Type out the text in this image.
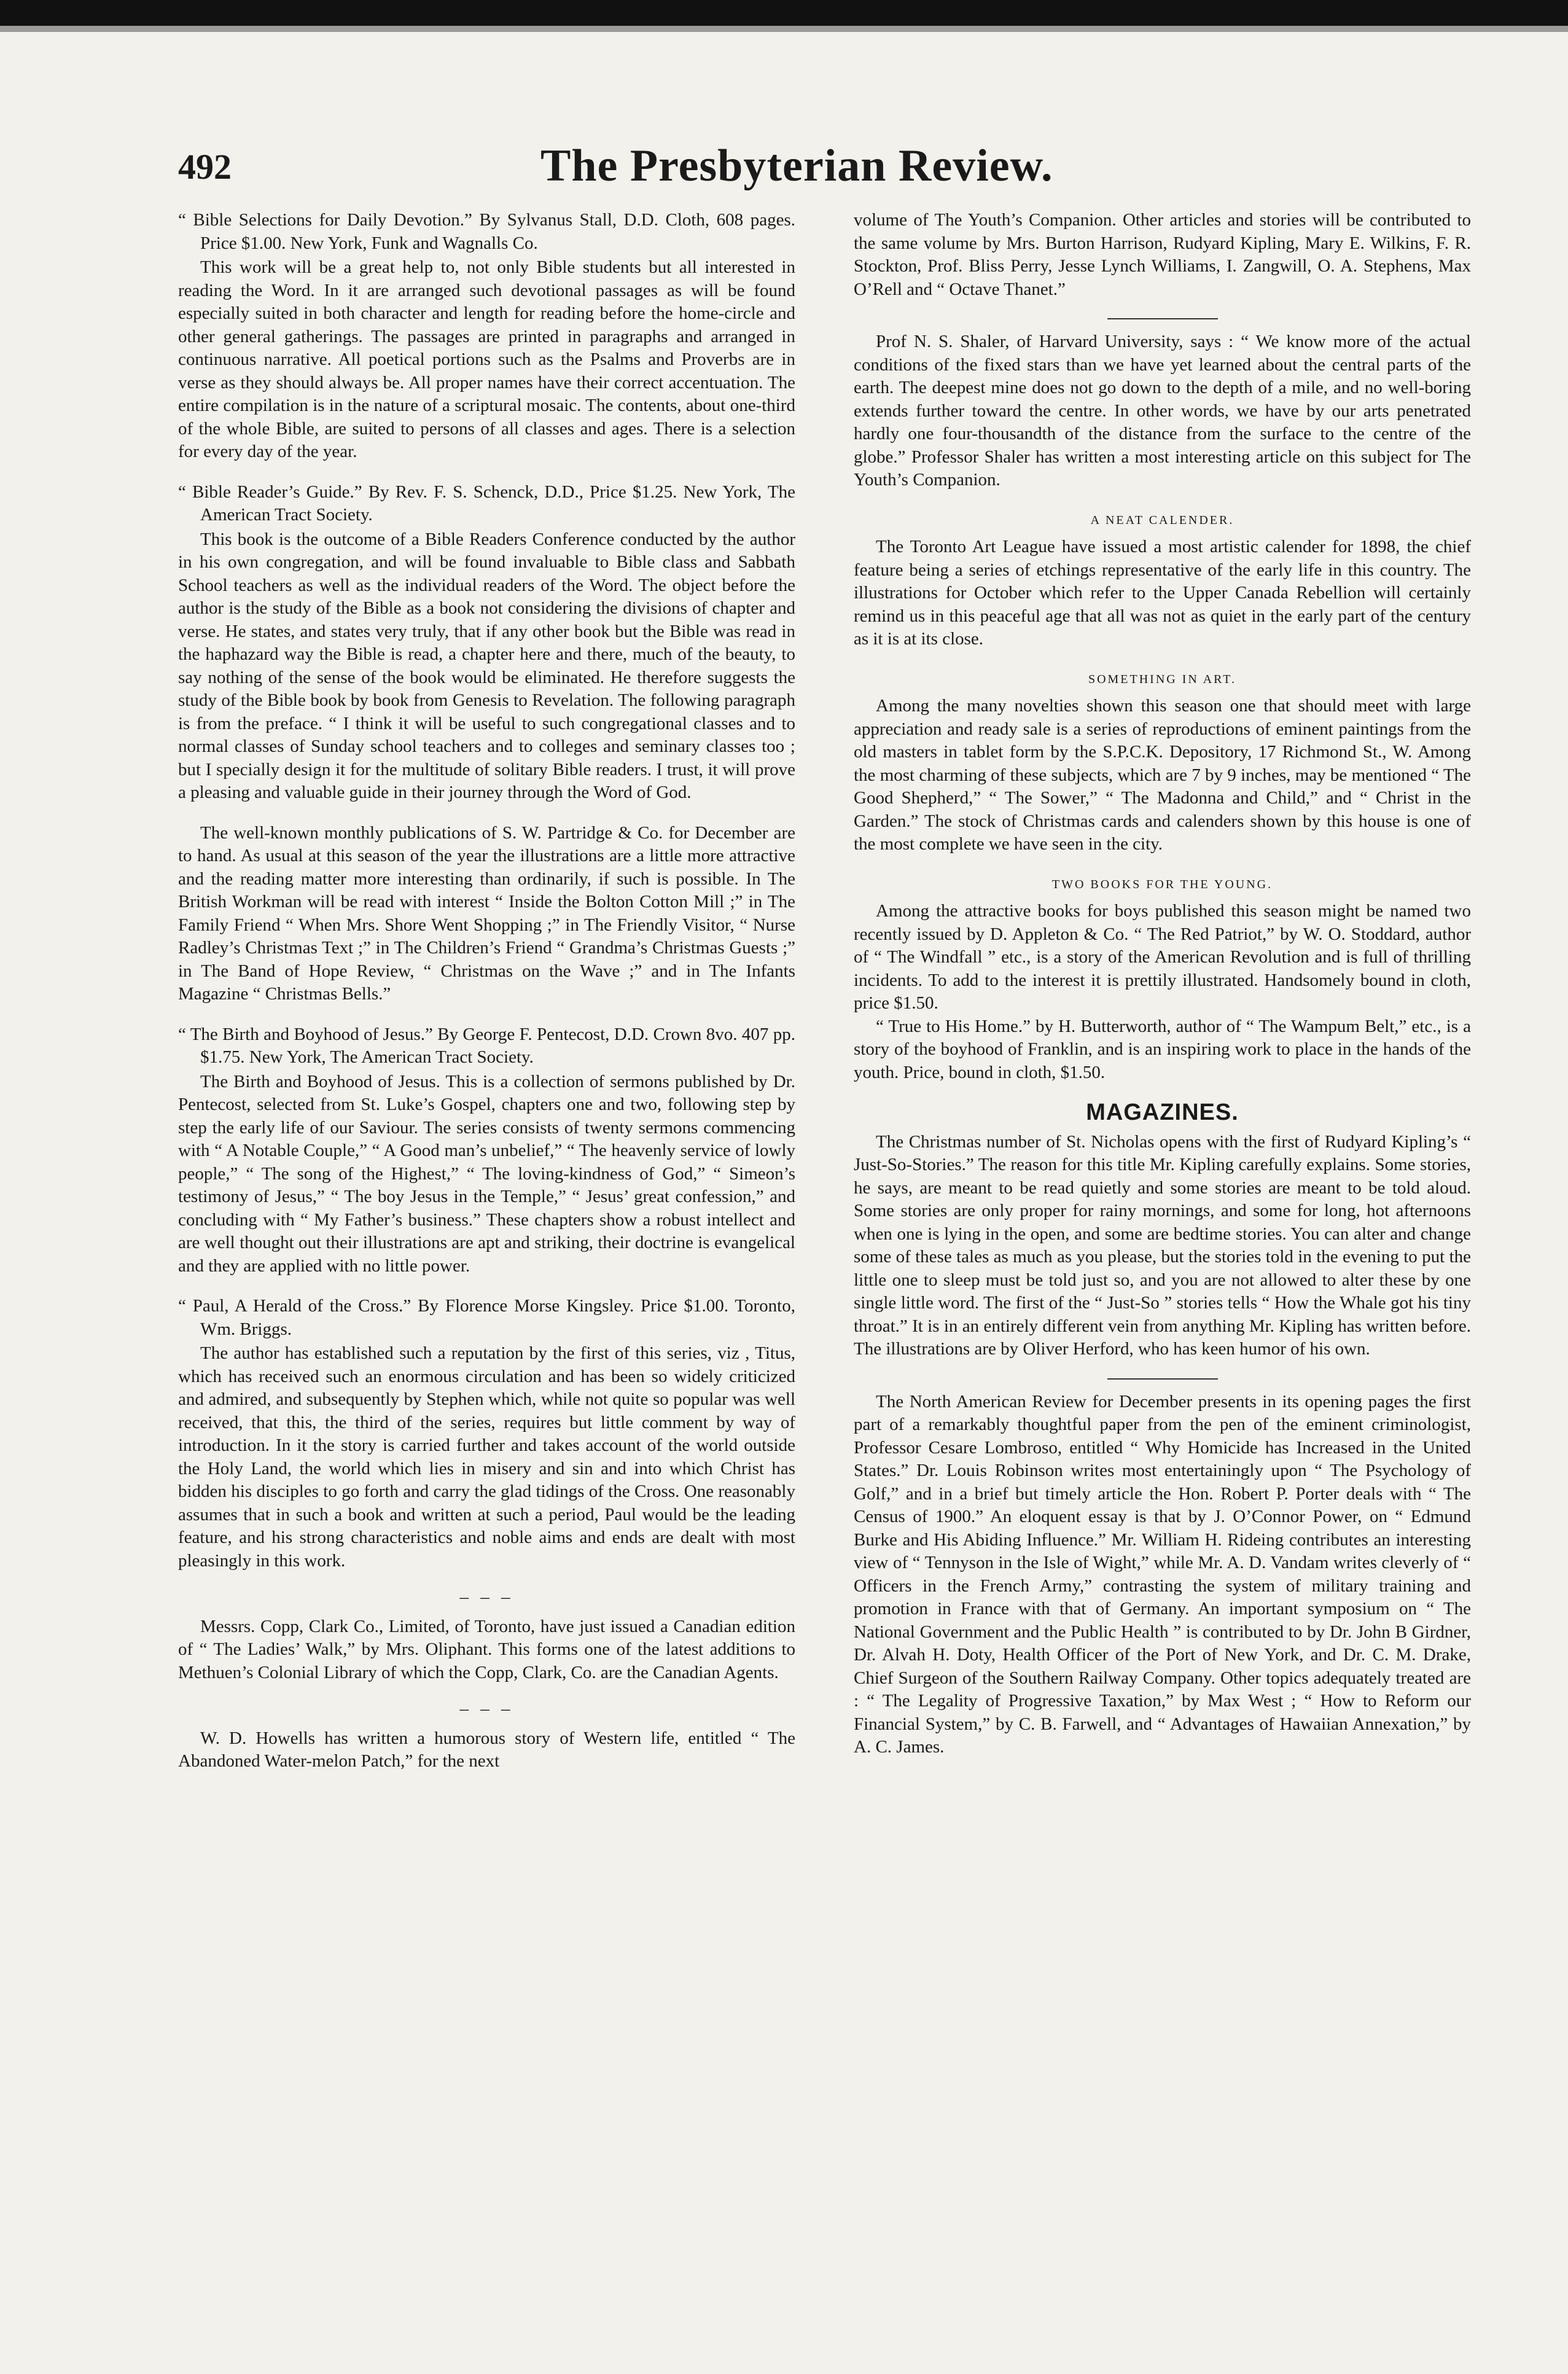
492	The Presbyterian Review.

“ Bible Selections for Daily Devotion.” By Sylvanus Stall, D.D. Cloth, 608 pages. Price $1.00. New York, Funk and Wagnalls Co.

This work will be a great help to, not only Bible students but all interested in reading the Word. In it are arranged such devotional passages as will be found especially suited in both character and length for reading before the home-circle and other general gatherings. The passages are printed in paragraphs and arranged in continuous narrative. All poetical portions such as the Psalms and Proverbs are in verse as they should always be. All proper names have their correct accentuation. The entire compilation is in the nature of a scriptural mosaic. The contents, about one-third of the whole Bible, are suited to persons of all classes and ages. There is a selection for every day of the year.

“ Bible Reader’s Guide.” By Rev. F. S. Schenck, D.D., Price $1.25. New York, The American Tract Society.

This book is the outcome of a Bible Readers Conference conducted by the author in his own congregation, and will be found invaluable to Bible class and Sabbath School teachers as well as the individual readers of the Word. The object before the author is the study of the Bible as a book not considering the divisions of chapter and verse. He states, and states very truly, that if any other book but the Bible was read in the haphazard way the Bible is read, a chapter here and there, much of the beauty, to say nothing of the sense of the book would be eliminated. He therefore suggests the study of the Bible book by book from Genesis to Revelation. The following paragraph is from the preface. “ I think it will be useful to such congregational classes and to normal classes of Sunday school teachers and to colleges and seminary classes too ; but I specially design it for the multitude of solitary Bible readers. I trust, it will prove a pleasing and valuable guide in their journey through the Word of God.

The well-known monthly publications of S. W. Partridge & Co. for December are to hand. As usual at this season of the year the illustrations are a little more attractive and the reading matter more interesting than ordinarily, if such is possible. In The British Workman will be read with interest “ Inside the Bolton Cotton Mill ;” in The Family Friend “ When Mrs. Shore Went Shopping ;” in The Friendly Visitor, “ Nurse Radley’s Christmas Text ;” in The Children’s Friend “ Grandma’s Christmas Guests ;” in The Band of Hope Review, “ Christmas on the Wave ;” and in The Infants Magazine “ Christmas Bells.”

“ The Birth and Boyhood of Jesus.” By George F. Pentecost, D.D. Crown 8vo. 407 pp. $1.75. New York, The American Tract Society.

The Birth and Boyhood of Jesus. This is a collection of sermons published by Dr. Pentecost, selected from St. Luke’s Gospel, chapters one and two, following step by step the early life of our Saviour. The series consists of twenty sermons commencing with “ A Notable Couple,” “ A Good man’s unbelief,” “ The heavenly service of lowly people,” “ The song of the Highest,” “ The loving-kindness of God,” “ Simeon’s testimony of Jesus,” “ The boy Jesus in the Temple,” “ Jesus’ great confession,” and concluding with “ My Father’s business.” These chapters show a robust intellect and are well thought out their illustrations are apt and striking, their doctrine is evangelical and they are applied with no little power.

“ Paul, A Herald of the Cross.” By Florence Morse Kingsley. Price $1.00. Toronto, Wm. Briggs.

The author has established such a reputation by the first of this series, viz , Titus, which has received such an enormous circulation and has been so widely criticized and admired, and subsequently by Stephen which, while not quite so popular was well received, that this, the third of the series, requires but little comment by way of introduction. In it the story is carried further and takes account of the world outside the Holy Land, the world which lies in misery and sin and into which Christ has bidden his disciples to go forth and carry the glad tidings of the Cross. One reasonably assumes that in such a book and written at such a period, Paul would be the leading feature, and his strong characteristics and noble aims and ends are dealt with most pleasingly in this work.

– – –

Messrs. Copp, Clark Co., Limited, of Toronto, have just issued a Canadian edition of “ The Ladies’ Walk,” by Mrs. Oliphant. This forms one of the latest additions to Methuen’s Colonial Library of which the Copp, Clark, Co. are the Canadian Agents.

– – –

W. D. Howells has written a humorous story of Western life, entitled “ The Abandoned Water-melon Patch,” for the next

volume of The Youth’s Companion. Other articles and stories will be contributed to the same volume by Mrs. Burton Harrison, Rudyard Kipling, Mary E. Wilkins, F. R. Stockton, Prof. Bliss Perry, Jesse Lynch Williams, I. Zangwill, O. A. Stephens, Max O’Rell and “ Octave Thanet.”

Prof N. S. Shaler, of Harvard University, says : “ We know more of the actual conditions of the fixed stars than we have yet learned about the central parts of the earth. The deepest mine does not go down to the depth of a mile, and no well-boring extends further toward the centre. In other words, we have by our arts penetrated hardly one four-thousandth of the distance from the surface to the centre of the globe.” Professor Shaler has written a most interesting article on this subject for The Youth’s Companion.

A NEAT CALENDER.

The Toronto Art League have issued a most artistic calender for 1898, the chief feature being a series of etchings representative of the early life in this country. The illustrations for October which refer to the Upper Canada Rebellion will certainly remind us in this peaceful age that all was not as quiet in the early part of the century as it is at its close.

SOMETHING IN ART.

Among the many novelties shown this season one that should meet with large appreciation and ready sale is a series of reproductions of eminent paintings from the old masters in tablet form by the S.P.C.K. Depository, 17 Richmond St., W. Among the most charming of these subjects, which are 7 by 9 inches, may be mentioned “ The Good Shepherd,” “ The Sower,” “ The Madonna and Child,” and “ Christ in the Garden.” The stock of Christmas cards and calenders shown by this house is one of the most complete we have seen in the city.

TWO BOOKS FOR THE YOUNG.

Among the attractive books for boys published this season might be named two recently issued by D. Appleton & Co. “ The Red Patriot,” by W. O. Stoddard, author of “ The Windfall ” etc., is a story of the American Revolution and is full of thrilling incidents. To add to the interest it is prettily illustrated. Handsomely bound in cloth, price $1.50.

“ True to His Home.” by H. Butterworth, author of “ The Wampum Belt,” etc., is a story of the boyhood of Franklin, and is an inspiring work to place in the hands of the youth. Price, bound in cloth, $1.50.

MAGAZINES.

The Christmas number of St. Nicholas opens with the first of Rudyard Kipling’s “ Just-So-Stories.” The reason for this title Mr. Kipling carefully explains. Some stories, he says, are meant to be read quietly and some stories are meant to be told aloud. Some stories are only proper for rainy mornings, and some for long, hot afternoons when one is lying in the open, and some are bedtime stories. You can alter and change some of these tales as much as you please, but the stories told in the evening to put the little one to sleep must be told just so, and you are not allowed to alter these by one single little word. The first of the “ Just-So ” stories tells “ How the Whale got his tiny throat.” It is in an entirely different vein from anything Mr. Kipling has written before. The illustrations are by Oliver Herford, who has keen humor of his own.

The North American Review for December presents in its opening pages the first part of a remarkably thoughtful paper from the pen of the eminent criminologist, Professor Cesare Lombroso, entitled “ Why Homicide has Increased in the United States.” Dr. Louis Robinson writes most entertainingly upon “ The Psychology of Golf,” and in a brief but timely article the Hon. Robert P. Porter deals with “ The Census of 1900.” An eloquent essay is that by J. O’Connor Power, on “ Edmund Burke and His Abiding Influence.” Mr. William H. Rideing contributes an interesting view of “ Tennyson in the Isle of Wight,” while Mr. A. D. Vandam writes cleverly of “ Officers in the French Army,” contrasting the system of military training and promotion in France with that of Germany. An important symposium on “ The National Government and the Public Health ” is contributed to by Dr. John B Girdner, Dr. Alvah H. Doty, Health Officer of the Port of New York, and Dr. C. M. Drake, Chief Surgeon of the Southern Railway Company. Other topics adequately treated are : “ The Legality of Progressive Taxation,” by Max West ; “ How to Reform our Financial System,” by C. B. Farwell, and “ Advantages of Hawaiian Annexation,” by A. C. James.
